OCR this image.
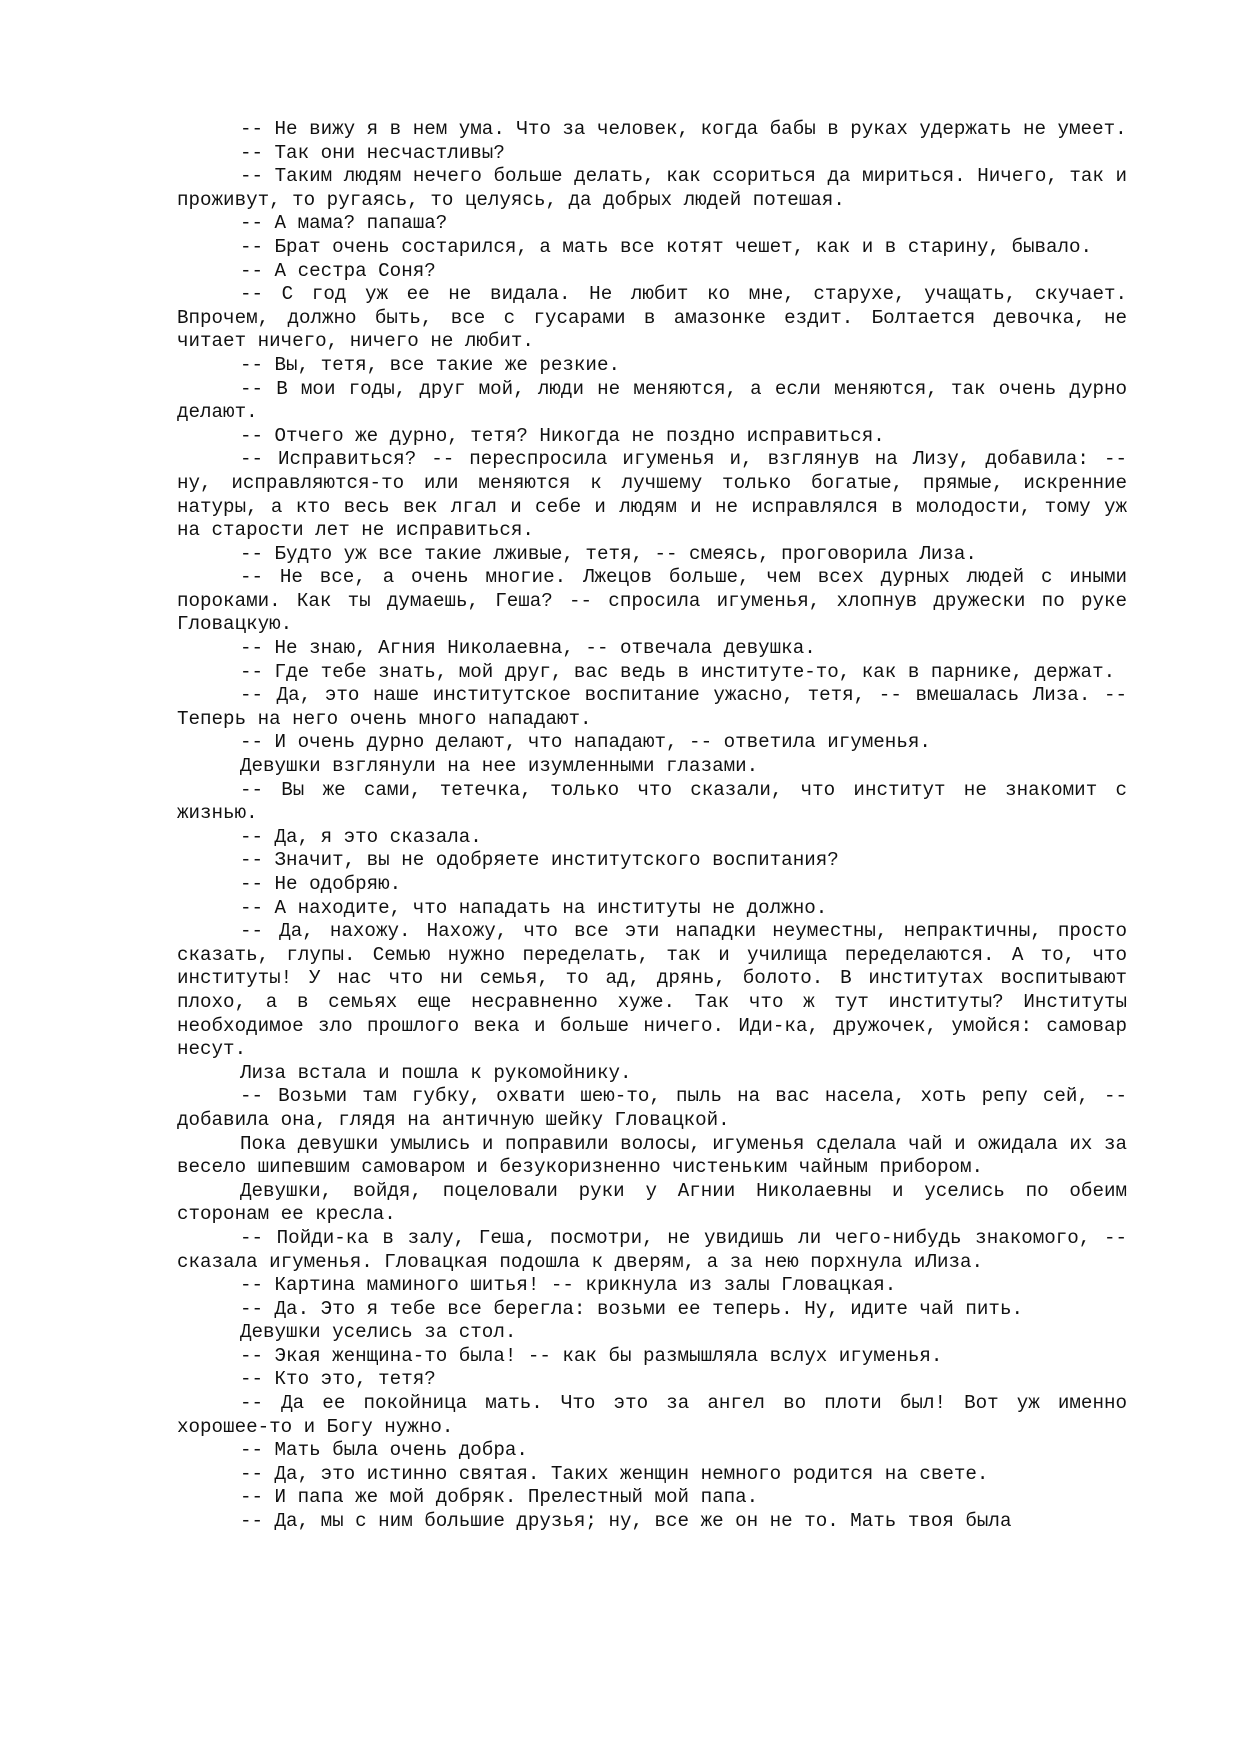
-- Не вижу я в нем ума. Что за человек, когда бабы в руках удержать не умеет.

-- Так они несчастливы?

-- Таким людям нечего больше делать, как ссориться да мириться. Ничего, так и проживут, то ругаясь, то целуясь, да добрых людей потешая.

-- А мама? папаша?

-- Брат очень состарился, а мать все котят чешет, как и в старину, бывало.

-- А сестра Соня?

-- С год уж ее не видала. Не любит ко мне, старухе, учащать, скучает. Впрочем, должно быть, все с гусарами в амазонке ездит. Болтается девочка, не читает ничего, ничего не любит.

-- Вы, тетя, все такие же резкие.

-- В мои годы, друг мой, люди не меняются, а если меняются, так очень дурно делают.

-- Отчего же дурно, тетя? Никогда не поздно исправиться.

-- Исправиться? -- переспросила игуменья и, взглянув на Лизу, добавила: -- ну, исправляются-то или меняются к лучшему только богатые, прямые, искренние натуры, а кто весь век лгал и себе и людям и не исправлялся в молодости, тому уж на старости лет не исправиться.

-- Будто уж все такие лживые, тетя, -- смеясь, проговорила Лиза.

-- Не все, а очень многие. Лжецов больше, чем всех дурных людей с иными пороками. Как ты думаешь, Геша? -- спросила игуменья, хлопнув дружески по руке Гловацкую.

-- Не знаю, Агния Николаевна, -- отвечала девушка.

-- Где тебе знать, мой друг, вас ведь в институте-то, как в парнике, держат.

-- Да, это наше институтское воспитание ужасно, тетя, -- вмешалась Лиза. -- Теперь на него очень много нападают.

-- И очень дурно делают, что нападают, -- ответила игуменья.

Девушки взглянули на нее изумленными глазами.

-- Вы же сами, тетечка, только что сказали, что институт не знакомит с жизнью.

-- Да, я это сказала.

-- Значит, вы не одобряете институтского воспитания?

-- Не одобряю.

-- А находите, что нападать на институты не должно.

-- Да, нахожу. Нахожу, что все эти нападки неуместны, непрактичны, просто сказать, глупы. Семью нужно переделать, так и училища переделаются. А то, что институты! У нас что ни семья, то ад, дрянь, болото. В институтах воспитывают плохо, а в семьях еще несравненно хуже. Так что ж тут институты? Институты необходимое зло прошлого века и больше ничего. Иди-ка, дружочек, умойся: самовар несут.

Лиза встала и пошла к рукомойнику.

-- Возьми там губку, охвати шею-то, пыль на вас насела, хоть репу сей, -- добавила она, глядя на античную шейку Гловацкой.

Пока девушки умылись и поправили волосы, игуменья сделала чай и ожидала их за весело шипевшим самоваром и безукоризненно чистеньким чайным прибором.

Девушки, войдя, поцеловали руки у Агнии Николаевны и уселись по обеим сторонам ее кресла.

-- Пойди-ка в залу, Геша, посмотри, не увидишь ли чего-нибудь знакомого, -- сказала игуменья. Гловацкая подошла к дверям, а за нею порхнула иЛиза.

-- Картина маминого шитья! -- крикнула из залы Гловацкая.

-- Да. Это я тебе все берегла: возьми ее теперь. Ну, идите чай пить.

Девушки уселись за стол.

-- Экая женщина-то была! -- как бы размышляла вслух игуменья.

-- Кто это, тетя?

-- Да ее покойница мать. Что это за ангел во плоти был! Вот уж именно хорошее-то и Богу нужно.

-- Мать была очень добра.

-- Да, это истинно святая. Таких женщин немного родится на свете.

-- И папа же мой добряк. Прелестный мой папа.

-- Да, мы с ним большие друзья; ну, все же он не то. Мать твоя была
